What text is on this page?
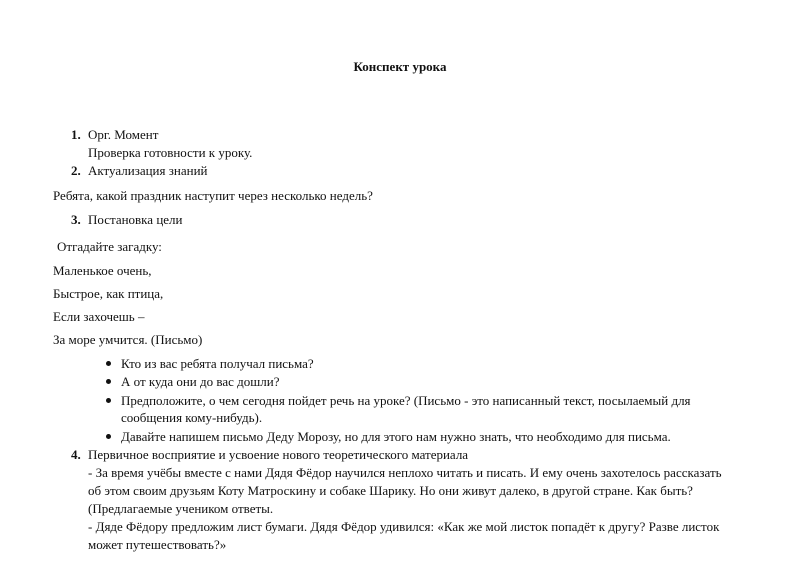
Конспект урока
1. Орг. Момент
Проверка готовности к уроку.
2. Актуализация знаний
Ребята, какой праздник наступит через несколько недель?
3. Постановка цели
Отгадайте загадку:
Маленькое очень,
Быстрое, как птица,
Если захочешь –
За море умчится. (Письмо)
Кто из вас ребята получал письма?
А от куда они до вас дошли?
Предположите, о чем сегодня пойдет речь на уроке? (Письмо - это написанный текст, посылаемый для
сообщения кому-нибудь).
Давайте напишем письмо Деду Морозу, но для этого нам нужно знать, что необходимо для письма.
4. Первичное восприятие и усвоение нового теоретического материала
- За время учёбы вместе с нами Дядя Фёдор научился неплохо читать и писать. И ему очень захотелось рассказать
об этом своим друзьям Коту Матроскину и собаке Шарику. Но они живут далеко, в другой стране. Как быть?
(Предлагаемые учеником ответы.
- Дяде Фёдору предложим лист бумаги. Дядя Фёдор удивился: «Как же мой листок попадёт к другу? Разве листок
может путешествовать?»
